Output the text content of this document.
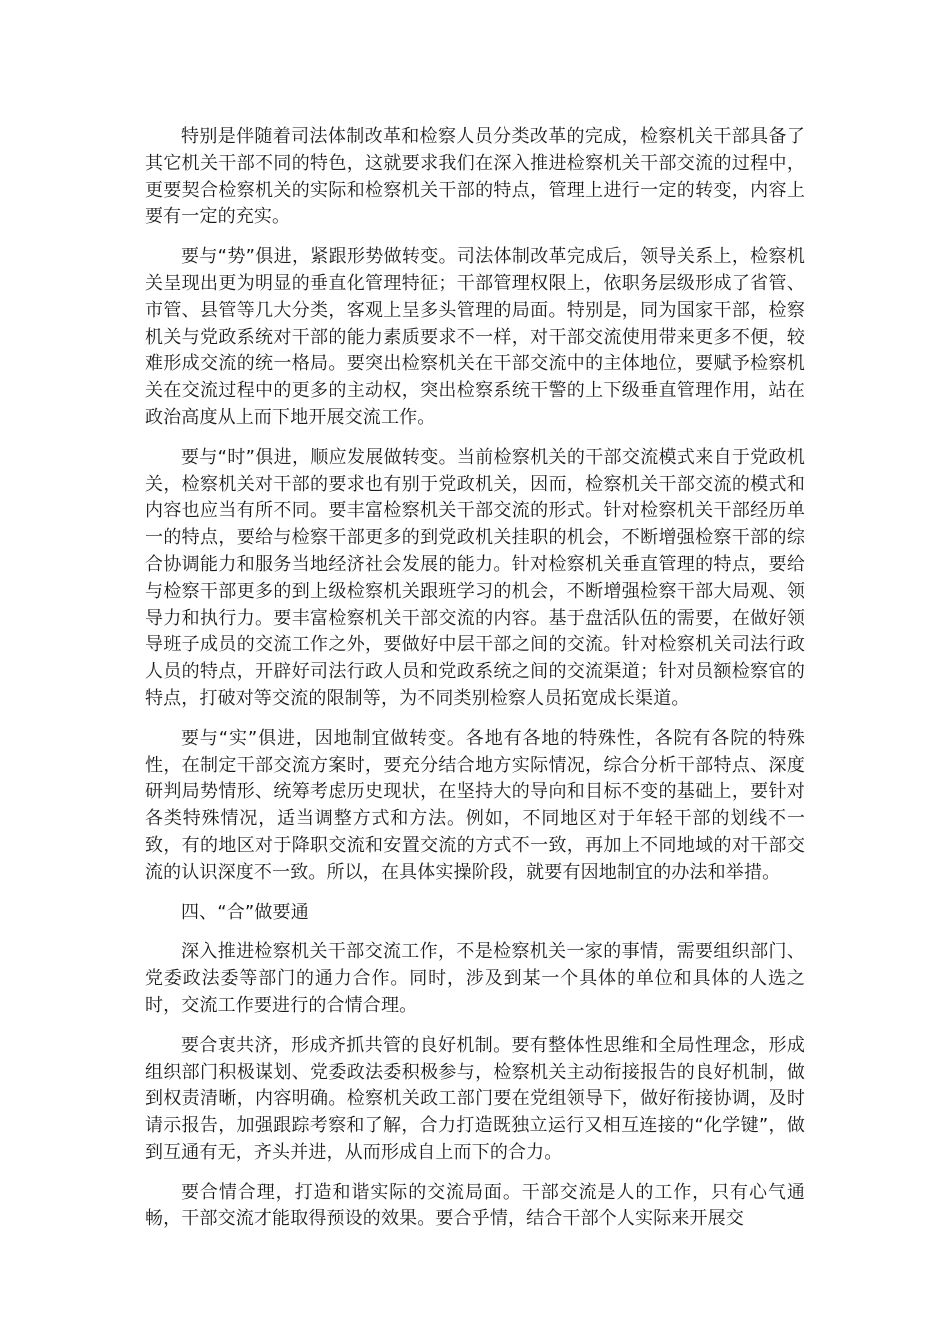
特别是伴随着司法体制改革和检察人员分类改革的完成，检察机关干部具备了其它机关干部不同的特色，这就要求我们在深入推进检察机关干部交流的过程中，更要契合检察机关的实际和检察机关干部的特点，管理上进行一定的转变，内容上要有一定的充实。

要与“势”俱进，紧跟形势做转变。司法体制改革完成后，领导关系上，检察机关呈现出更为明显的垂直化管理特征；干部管理权限上，依职务层级形成了省管、市管、县管等几大分类，客观上呈多头管理的局面。特别是，同为国家干部，检察机关与党政系统对干部的能力素质要求不一样，对干部交流使用带来更多不便，较难形成交流的统一格局。要突出检察机关在干部交流中的主体地位，要赋予检察机关在交流过程中的更多的主动权，突出检察系统干警的上下级垂直管理作用，站在政治高度从上而下地开展交流工作。

要与“时”俱进，顺应发展做转变。当前检察机关的干部交流模式来自于党政机关，检察机关对干部的要求也有别于党政机关，因而，检察机关干部交流的模式和内容也应当有所不同。要丰富检察机关干部交流的形式。针对检察机关干部经历单一的特点，要给与检察干部更多的到党政机关挂职的机会，不断增强检察干部的综合协调能力和服务当地经济社会发展的能力。针对检察机关垂直管理的特点，要给与检察干部更多的到上级检察机关跟班学习的机会，不断增强检察干部大局观、领导力和执行力。要丰富检察机关干部交流的内容。基于盘活队伍的需要，在做好领导班子成员的交流工作之外，要做好中层干部之间的交流。针对检察机关司法行政人员的特点，开辟好司法行政人员和党政系统之间的交流渠道；针对员额检察官的特点，打破对等交流的限制等，为不同类别检察人员拓宽成长渠道。

要与“实”俱进，因地制宜做转变。各地有各地的特殊性，各院有各院的特殊性，在制定干部交流方案时，要充分结合地方实际情况，综合分析干部特点、深度研判局势情形、统筹考虑历史现状，在坚持大的导向和目标不变的基础上，要针对各类特殊情况，适当调整方式和方法。例如，不同地区对于年轻干部的划线不一致，有的地区对于降职交流和安置交流的方式不一致，再加上不同地域的对干部交流的认识深度不一致。所以，在具体实操阶段，就要有因地制宜的办法和举措。

四、“合”做要通

深入推进检察机关干部交流工作，不是检察机关一家的事情，需要组织部门、党委政法委等部门的通力合作。同时，涉及到某一个具体的单位和具体的人选之时，交流工作要进行的合情合理。

要合衷共济，形成齐抓共管的良好机制。要有整体性思维和全局性理念，形成组织部门积极谋划、党委政法委积极参与，检察机关主动衔接报告的良好机制，做到权责清晰，内容明确。检察机关政工部门要在党组领导下，做好衔接协调，及时请示报告，加强跟踪考察和了解，合力打造既独立运行又相互连接的“化学键”，做到互通有无，齐头并进，从而形成自上而下的合力。

要合情合理，打造和谐实际的交流局面。干部交流是人的工作，只有心气通畅，干部交流才能取得预设的效果。要合乎情，结合干部个人实际来开展交
